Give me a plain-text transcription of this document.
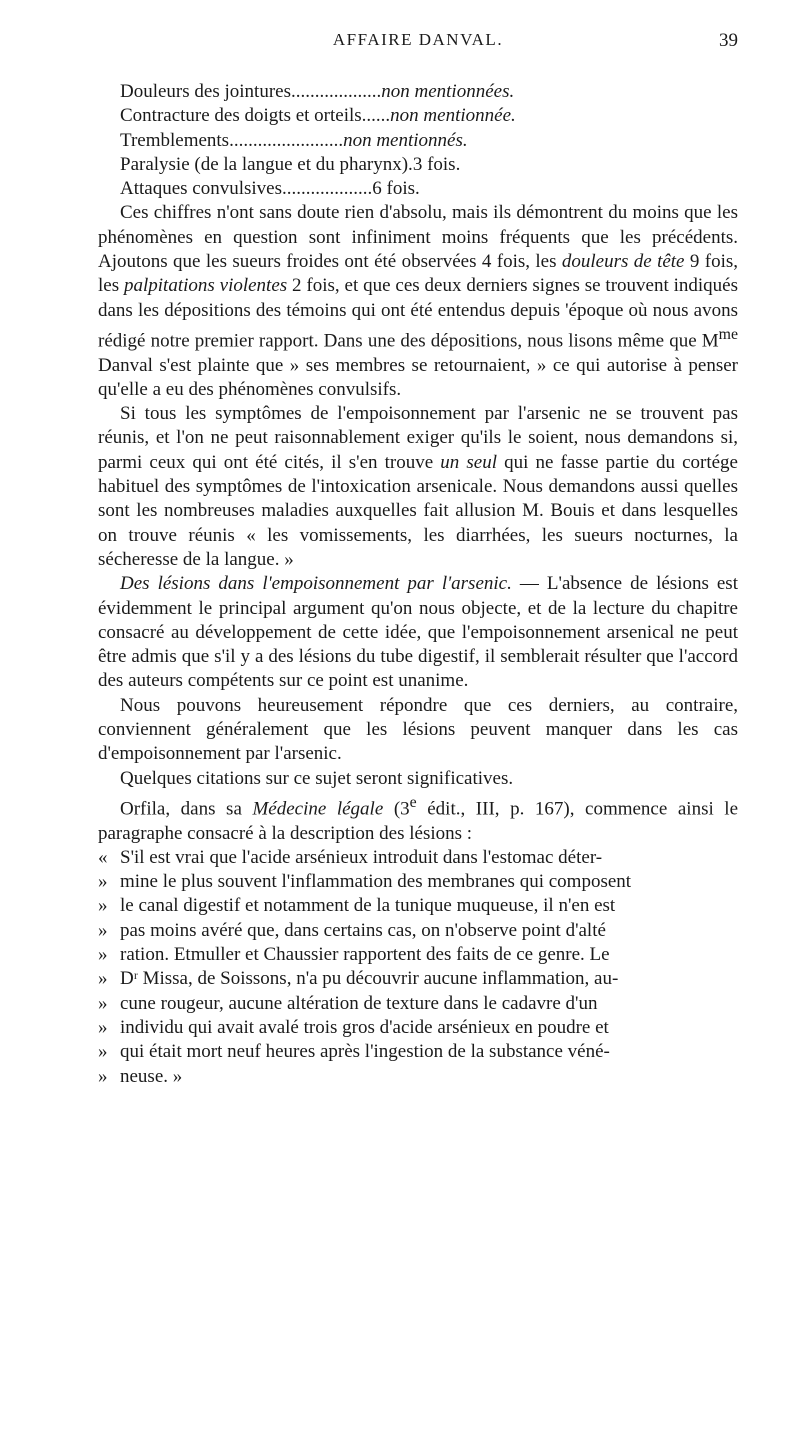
AFFAIRE DANVAL.	39
Douleurs des jointures ................... non mentionnées.
Contracture des doigts et orteils ...... non mentionnée.
Tremblements ........................ non mentionnés.
Paralysie (de la langue et du pharynx). 3 fois.
Attaques convulsives ................... 6 fois.

Ces chiffres n'ont sans doute rien d'absolu, mais ils démontrent du moins que les phénomènes en question sont infiniment moins fréquents que les précédents. Ajoutons que les sueurs froides ont été observées 4 fois, les douleurs de tête 9 fois, les palpitations violentes 2 fois, et que ces deux derniers signes se trouvent indiqués dans les dépositions des témoins qui ont été entendus depuis 'époque où nous avons rédigé notre premier rapport. Dans une des dépositions, nous lisons même que $M^{me}$ Danval s'est plainte que » ses membres se retournaient, » ce qui autorise à penser qu'elle a eu des phénomènes convulsifs.

Si tous les symptômes de l'empoisonnement par l'arsenic ne se trouvent pas réunis, et l'on ne peut raisonnablement exiger qu'ils le soient, nous demandons si, parmi ceux qui ont été cités, il s'en trouve un seul qui ne fasse partie du cortége habituel des symptômes de l'intoxication arsenicale. Nous demandons aussi quelles sont les nombreuses maladies auxquelles fait allusion M. Bouis et dans lesquelles on trouve réunis « les vomissements, les diarrhées, les sueurs nocturnes, la sécheresse de la langue. »

Des lésions dans l'empoisonnement par l'arsenic. — L'absence de lésions est évidemment le principal argument qu'on nous objecte, et de la lecture du chapitre consacré au développement de cette idée, que l'empoisonnement arsenical ne peut être admis que s'il y a des lésions du tube digestif, il semblerait résulter que l'accord des auteurs compétents sur ce point est unanime.

Nous pouvons heureusement répondre que ces derniers, au contraire, conviennent généralement que les lésions peuvent manquer dans les cas d'empoisonnement par l'arsenic.

Quelques citations sur ce sujet seront significatives.

Orfila, dans sa Médecine légale (3e édit., III, p. 167), commence ainsi le paragraphe consacré à la description des lésions :

« S'il est vrai que l'acide arsénieux introduit dans l'estomac déter-
» mine le plus souvent l'inflammation des membranes qui composent
» le canal digestif et notamment de la tunique muqueuse, il n'en est
» pas moins avéré que, dans certains cas, on n'observe point d'alté
» ration. Etmuller et Chaussier rapportent des faits de ce genre. Le
» Dʳ Missa, de Soissons, n'a pu découvrir aucune inflammation, au-
» cune rougeur, aucune altération de texture dans le cadavre d'un
» individu qui avait avalé trois gros d'acide arsénieux en poudre et
» qui était mort neuf heures après l'ingestion de la substance véné-
» neuse. »
